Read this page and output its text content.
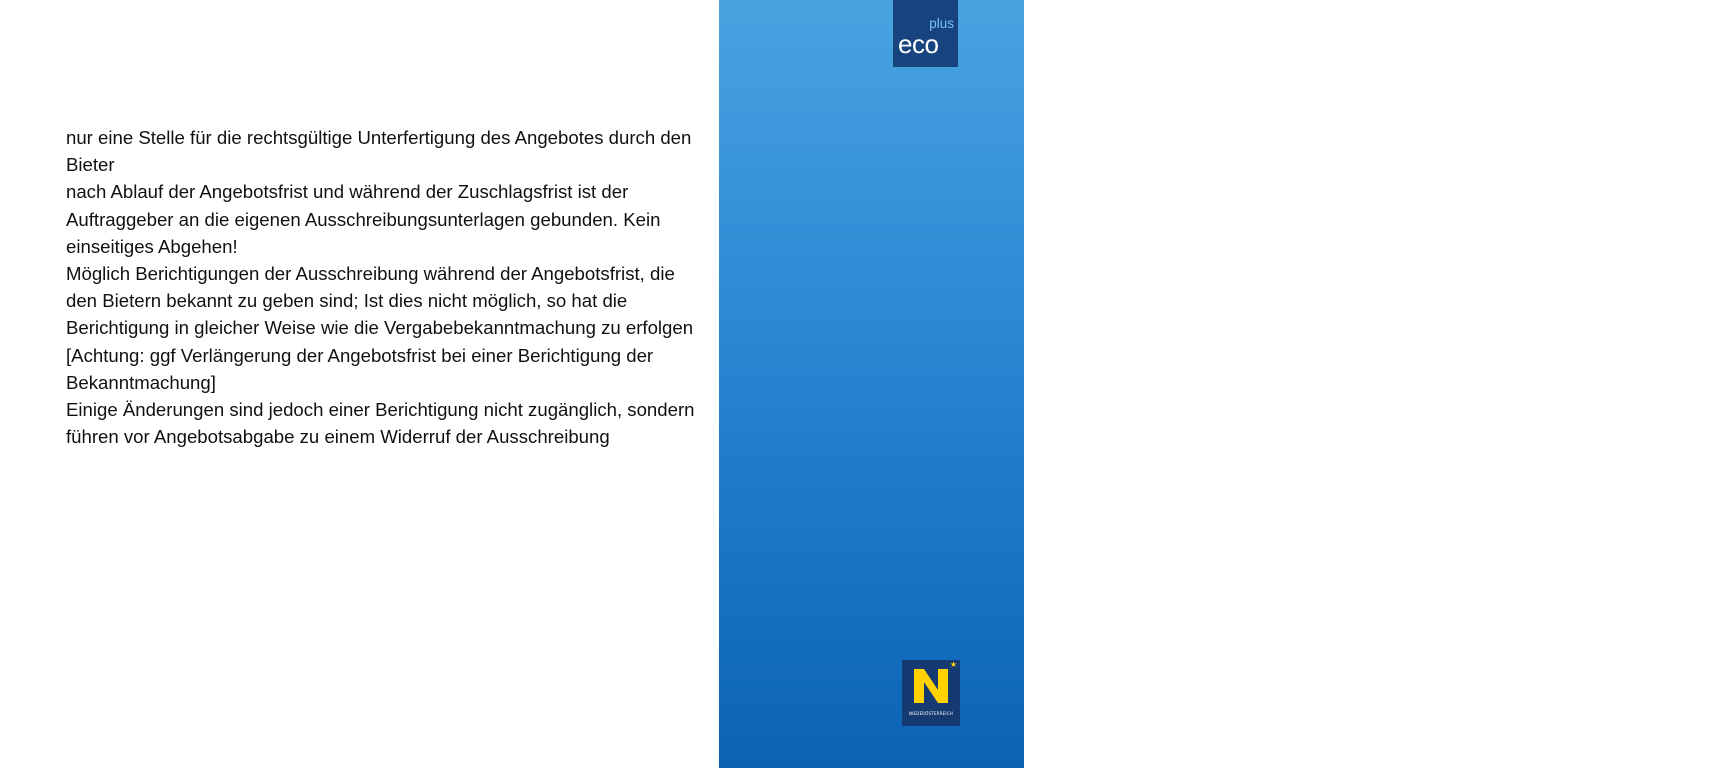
nur eine Stelle für die rechtsgültige Unterfertigung des Angebotes durch den Bieter

nach Ablauf der Angebotsfrist und während der Zuschlagsfrist ist der Auftraggeber an die eigenen Ausschreibungsunterlagen gebunden. Kein einseitiges Abgehen!

Möglich Berichtigungen der Ausschreibung während der Angebotsfrist, die den Bietern bekannt zu geben sind; Ist dies nicht möglich, so hat die Berichtigung in gleicher Weise wie die Vergabebekanntmachung zu erfolgen [Achtung: ggf Verlängerung der Angebotsfrist bei einer Berichtigung der Bekanntmachung]

Einige Änderungen sind jedoch einer Berichtigung nicht zugänglich, sondern führen vor Angebotsabgabe zu einem Widerruf der Ausschreibung

Inhalt der
Ausschreibungs-
unterlagen
plus
eco
★
NIEDERÖSTERREICH
